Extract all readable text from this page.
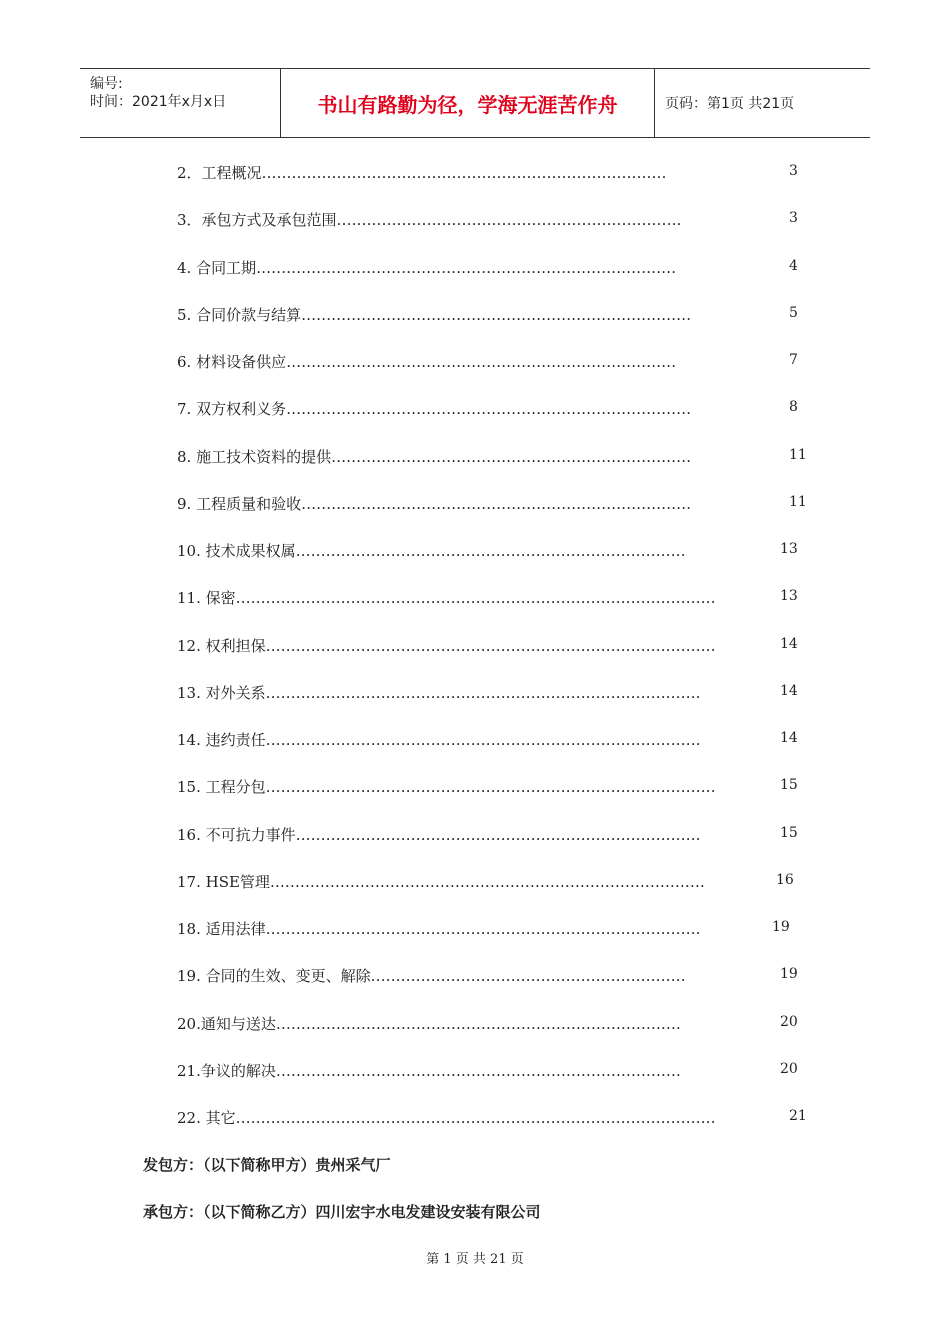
编号:
时间：2021年x月x日	书山有路勤为径，学海无涯苦作舟	页码：第1页 共21页
2．工程概况………………………………………………………………………	3
3．承包方式及承包范围……………………………………………………………	3
4. 合同工期…………………………………………………………………………	4
5. 合同价款与结算……………………………………………………………………	5
6. 材料设备供应……………………………………………………………………	7
7. 双方权利义务………………………………………………………………………	8
8. 施工技术资料的提供………………………………………………………………	11
9. 工程质量和验收……………………………………………………………………	11
10. 技术成果权属……………………………………………………………………	13
11. 保密……………………………………………………………………………………	13
12. 权利担保………………………………………………………………………………	14
13. 对外关系……………………………………………………………………………	14
14. 违约责任……………………………………………………………………………	14
15. 工程分包………………………………………………………………………………	15
16. 不可抗力事件………………………………………………………………………	15
17. HSE管理……………………………………………………………………………	16
18. 适用法律……………………………………………………………………………	19
19. 合同的生效、变更、解除………………………………………………………	19
20.通知与送达………………………………………………………………………	20
21.争议的解决………………………………………………………………………	20
22. 其它……………………………………………………………………………………	21
发包方：（以下简称甲方）贵州采气厂
承包方：（以下简称乙方）四川宏宇水电发建设安装有限公司
第 1 页 共 21 页
